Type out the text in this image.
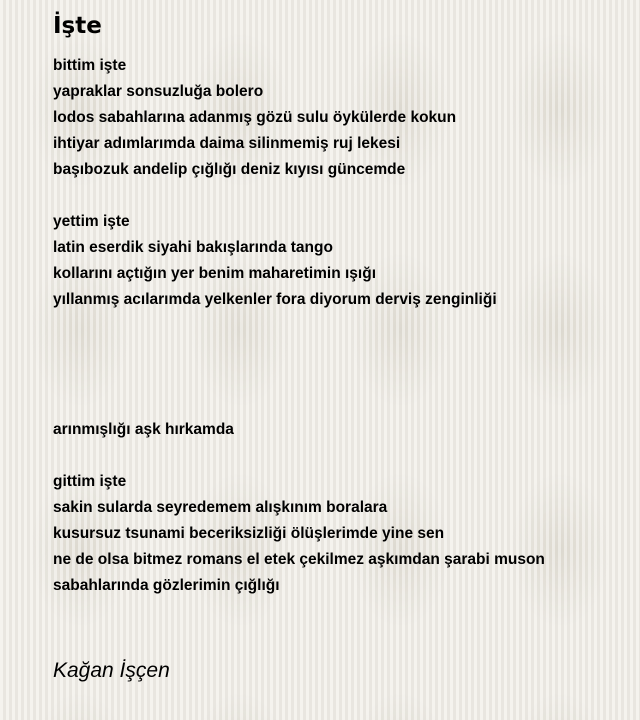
İşte
bittim işte
yapraklar sonsuzluğa bolero
lodos sabahlarına adanmış gözü sulu öykülerde kokun
ihtiyar adımlarımda daima silinmemiş ruj lekesi
başıbozuk andelip çığlığı deniz kıyısı güncemde
yettim işte
latin eserdik siyahi bakışlarında tango
kollarını açtığın yer benim maharetimin ışığı
yıllanmış acılarımda yelkenler fora diyorum derviş zenginliği
arınmışlığı aşk hırkamda
gittim işte
sakin sularda seyredemem alışkınım boralara
kusursuz tsunami beceriksizliği ölüşlerimde yine sen
ne de olsa bitmez romans el etek çekilmez aşkımdan şarabi muson
sabahlarında gözlerimin çığlığı
Kağan İşçen
